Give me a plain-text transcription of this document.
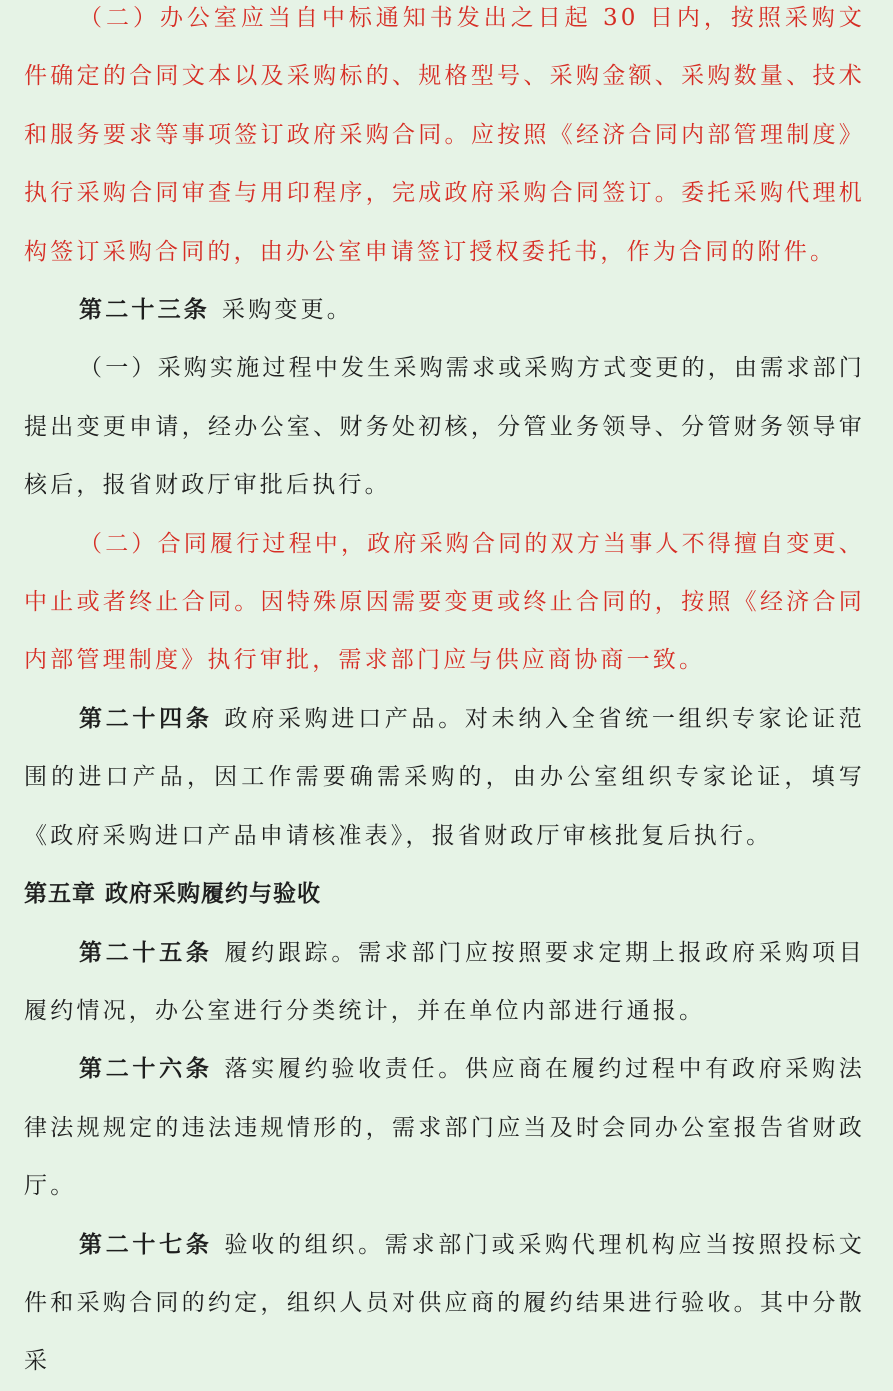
（二）办公室应当自中标通知书发出之日起 30 日内，按照采购文件确定的合同文本以及采购标的、规格型号、采购金额、采购数量、技术和服务要求等事项签订政府采购合同。应按照《经济合同内部管理制度》执行采购合同审查与用印程序，完成政府采购合同签订。委托采购代理机构签订采购合同的，由办公室申请签订授权委托书，作为合同的附件。

第二十三条 采购变更。

（一）采购实施过程中发生采购需求或采购方式变更的，由需求部门提出变更申请，经办公室、财务处初核，分管业务领导、分管财务领导审核后，报省财政厅审批后执行。

（二）合同履行过程中，政府采购合同的双方当事人不得擅自变更、中止或者终止合同。因特殊原因需要变更或终止合同的，按照《经济合同内部管理制度》执行审批，需求部门应与供应商协商一致。

第二十四条 政府采购进口产品。对未纳入全省统一组织专家论证范围的进口产品，因工作需要确需采购的，由办公室组织专家论证，填写《政府采购进口产品申请核准表》，报省财政厅审核批复后执行。

第五章 政府采购履约与验收

第二十五条 履约跟踪。需求部门应按照要求定期上报政府采购项目履约情况，办公室进行分类统计，并在单位内部进行通报。

第二十六条 落实履约验收责任。供应商在履约过程中有政府采购法律法规规定的违法违规情形的，需求部门应当及时会同办公室报告省财政厅。

第二十七条 验收的组织。需求部门或采购代理机构应当按照投标文件和采购合同的约定，组织人员对供应商的履约结果进行验收。其中分散采
